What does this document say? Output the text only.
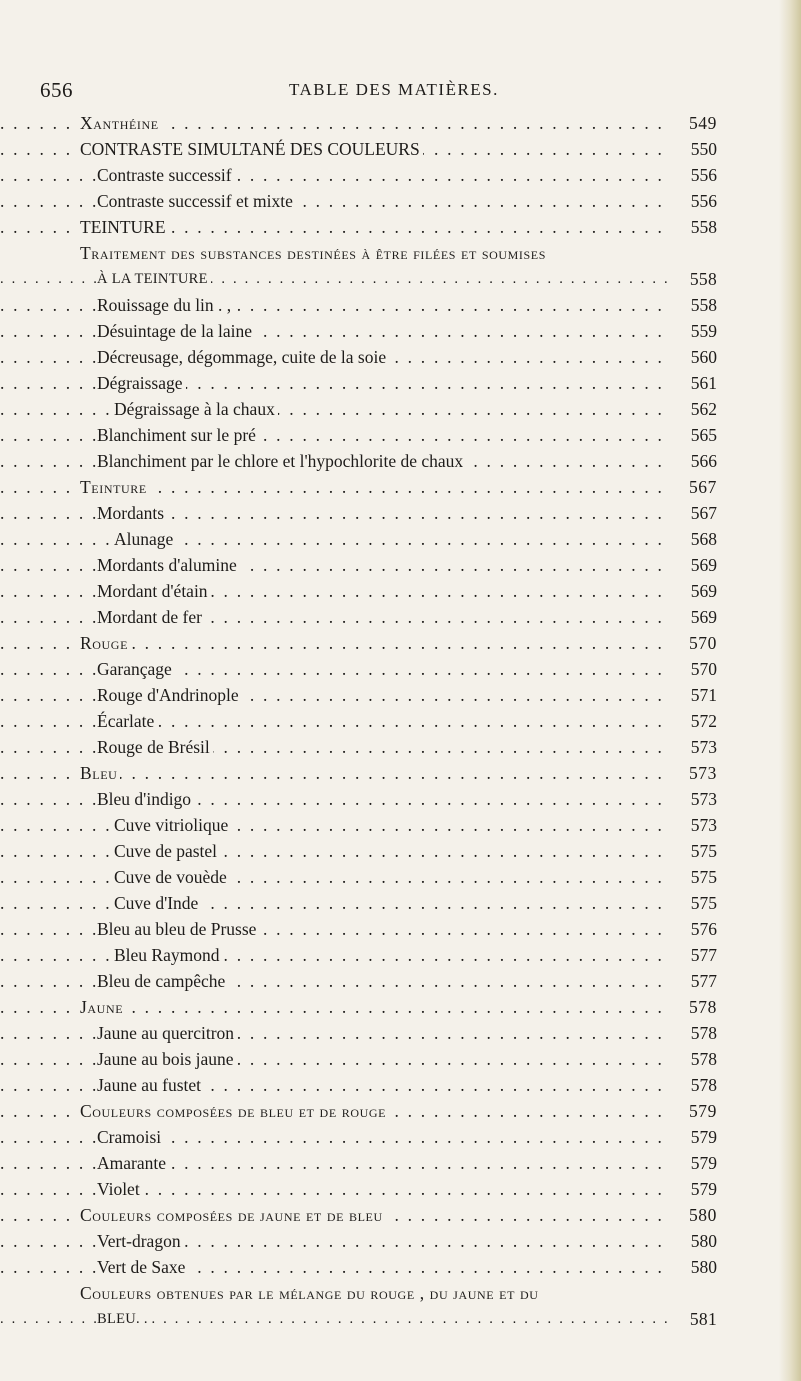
656	TABLE DES MATIÈRES.
Xanthéine . . .	549
CONTRASTE SIMULTANÉ DES COULEURS . . .	550
Contraste successif . . .	556
Contraste successif et mixte . . .	556
TEINTURE . . .	558
Traitement des substances destinées à être filées et soumises
À LA TEINTURE . . .	558
Rouissage du lin . , . . .	558
Désuintage de la laine . . .	559
Décreusage, dégommage, cuite de la soie . . .	560
Dégraissage . . .	561
Dégraissage à la chaux . . .	562
Blanchiment sur le pré . . .	565
Blanchiment par le chlore et l'hypochlorite de chaux . . .	566
Teinture . . .	567
Mordants . . .	567
Alunage . . .	568
Mordants d'alumine . . .	569
Mordant d'étain . . .	569
Mordant de fer . . .	569
Rouge . . .	570
Garançage . . .	570
Rouge d'Andrinople . . .	571
Écarlate . . .	572
Rouge de Brésil . . .	573
Bleu . . .	573
Bleu d'indigo . . .	573
Cuve vitriolique . . .	573
Cuve de pastel . . .	575
Cuve de vouède . . .	575
Cuve d'Inde . . .	575
Bleu au bleu de Prusse . . .	576
Bleu Raymond . . .	577
Bleu de campêche . . .	577
Jaune . . .	578
Jaune au quercitron . . .	578
Jaune au bois jaune . . .	578
Jaune au fustet . . .	578
Couleurs composées de bleu et de rouge . . .	579
Cramoisi . . .	579
Amarante . . .	579
Violet . . .	579
Couleurs composées de jaune et de bleu . . .	580
Vert-dragon . . .	580
Vert de Saxe . . .	580
Couleurs obtenues par le mélange du rouge , du jaune et du
BLEU. . . . .	581
